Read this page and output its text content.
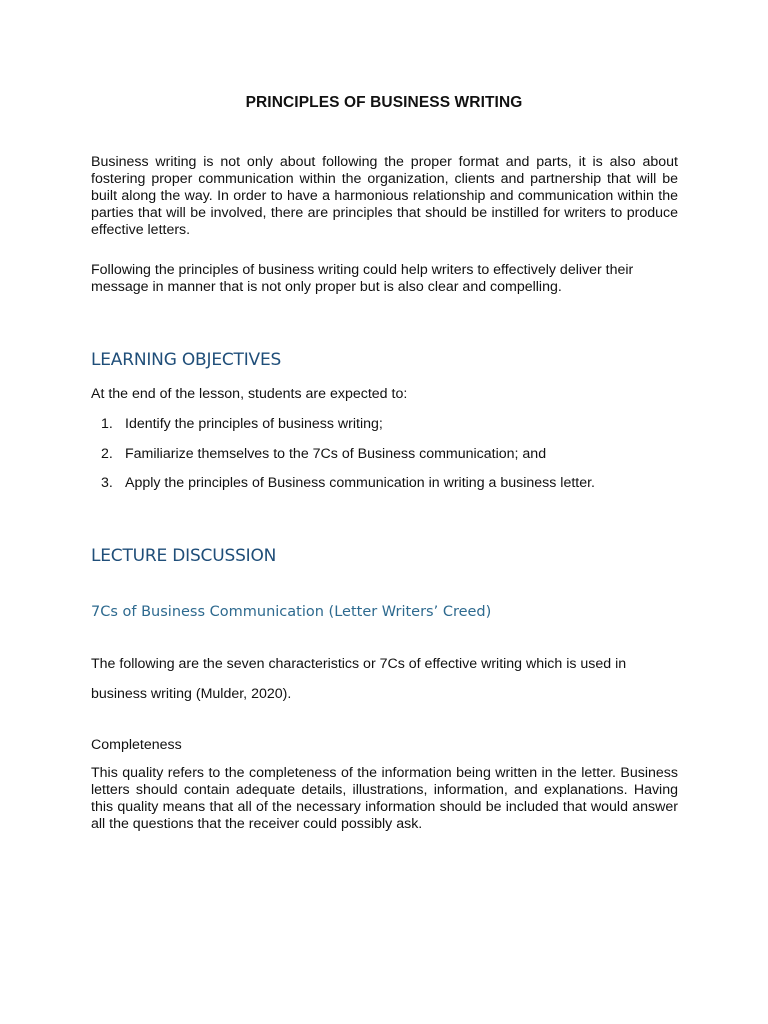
PRINCIPLES OF BUSINESS WRITING

Business writing is not only about following the proper format and parts, it is also about fostering proper communication within the organization, clients and partnership that will be built along the way. In order to have a harmonious relationship and communication within the parties that will be involved, there are principles that should be instilled for writers to produce effective letters.

Following the principles of business writing could help writers to effectively deliver their message in manner that is not only proper but is also clear and compelling.

LEARNING OBJECTIVES

At the end of the lesson, students are expected to:

1. Identify the principles of business writing;
2. Familiarize themselves to the 7Cs of Business communication; and
3. Apply the principles of Business communication in writing a business letter.
LECTURE DISCUSSION
7Cs of Business Communication (Letter Writers’ Creed)

The following are the seven characteristics or 7Cs of effective writing which is used in business writing (Mulder, 2020).

Completeness

This quality refers to the completeness of the information being written in the letter. Business letters should contain adequate details, illustrations, information, and explanations. Having this quality means that all of the necessary information should be included that would answer all the questions that the receiver could possibly ask.
